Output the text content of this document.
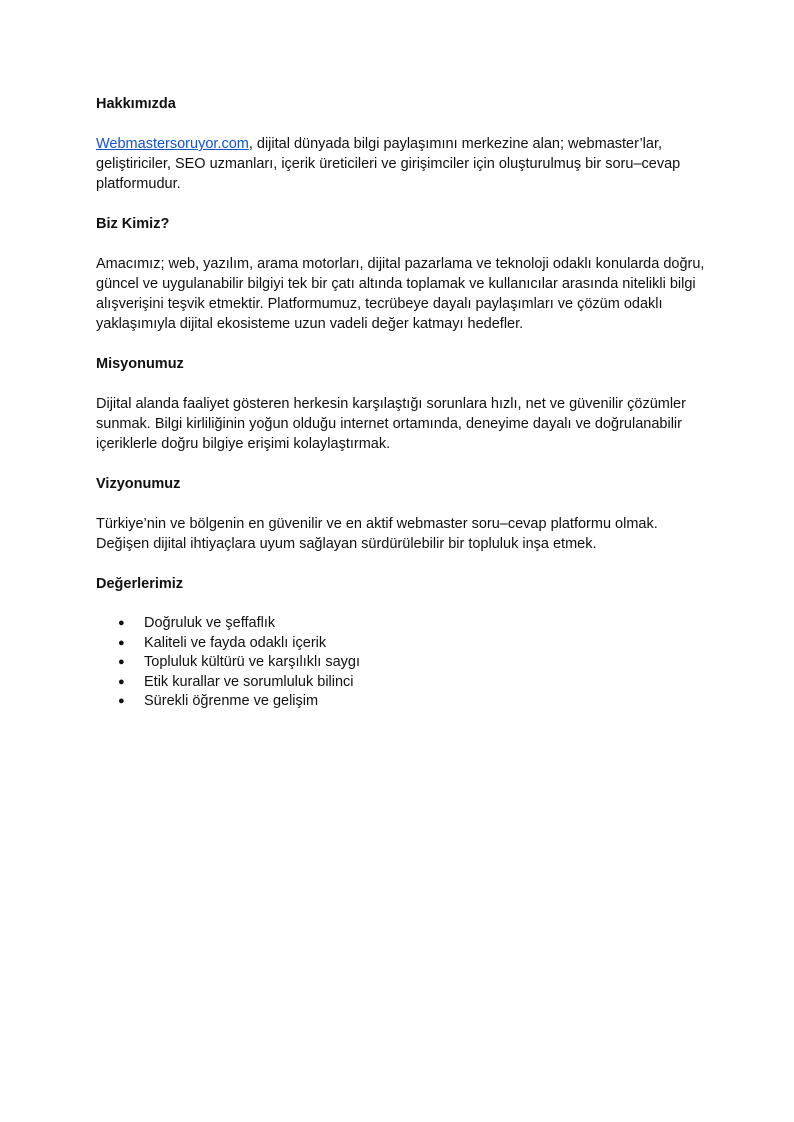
Hakkımızda

Webmastersoruyor.com, dijital dünyada bilgi paylaşımını merkezine alan; webmaster’lar, geliştiriciler, SEO uzmanları, içerik üreticileri ve girişimciler için oluşturulmuş bir soru–cevap platformudur.

Biz Kimiz?

Amacımız; web, yazılım, arama motorları, dijital pazarlama ve teknoloji odaklı konularda doğru, güncel ve uygulanabilir bilgiyi tek bir çatı altında toplamak ve kullanıcılar arasında nitelikli bilgi alışverişini teşvik etmektir. Platformumuz, tecrübeye dayalı paylaşımları ve çözüm odaklı yaklaşımıyla dijital ekosisteme uzun vadeli değer katmayı hedefler.

Misyonumuz

Dijital alanda faaliyet gösteren herkesin karşılaştığı sorunlara hızlı, net ve güvenilir çözümler sunmak. Bilgi kirliliğinin yoğun olduğu internet ortamında, deneyime dayalı ve doğrulanabilir içeriklerle doğru bilgiye erişimi kolaylaştırmak.

Vizyonumuz

Türkiye’nin ve bölgenin en güvenilir ve en aktif webmaster soru–cevap platformu olmak. Değişen dijital ihtiyaçlara uyum sağlayan sürdürülebilir bir topluluk inşa etmek.

Değerlerimiz

● Doğruluk ve şeffaflık
● Kaliteli ve fayda odaklı içerik
● Topluluk kültürü ve karşılıklı saygı
● Etik kurallar ve sorumluluk bilinci
● Sürekli öğrenme ve gelişim
